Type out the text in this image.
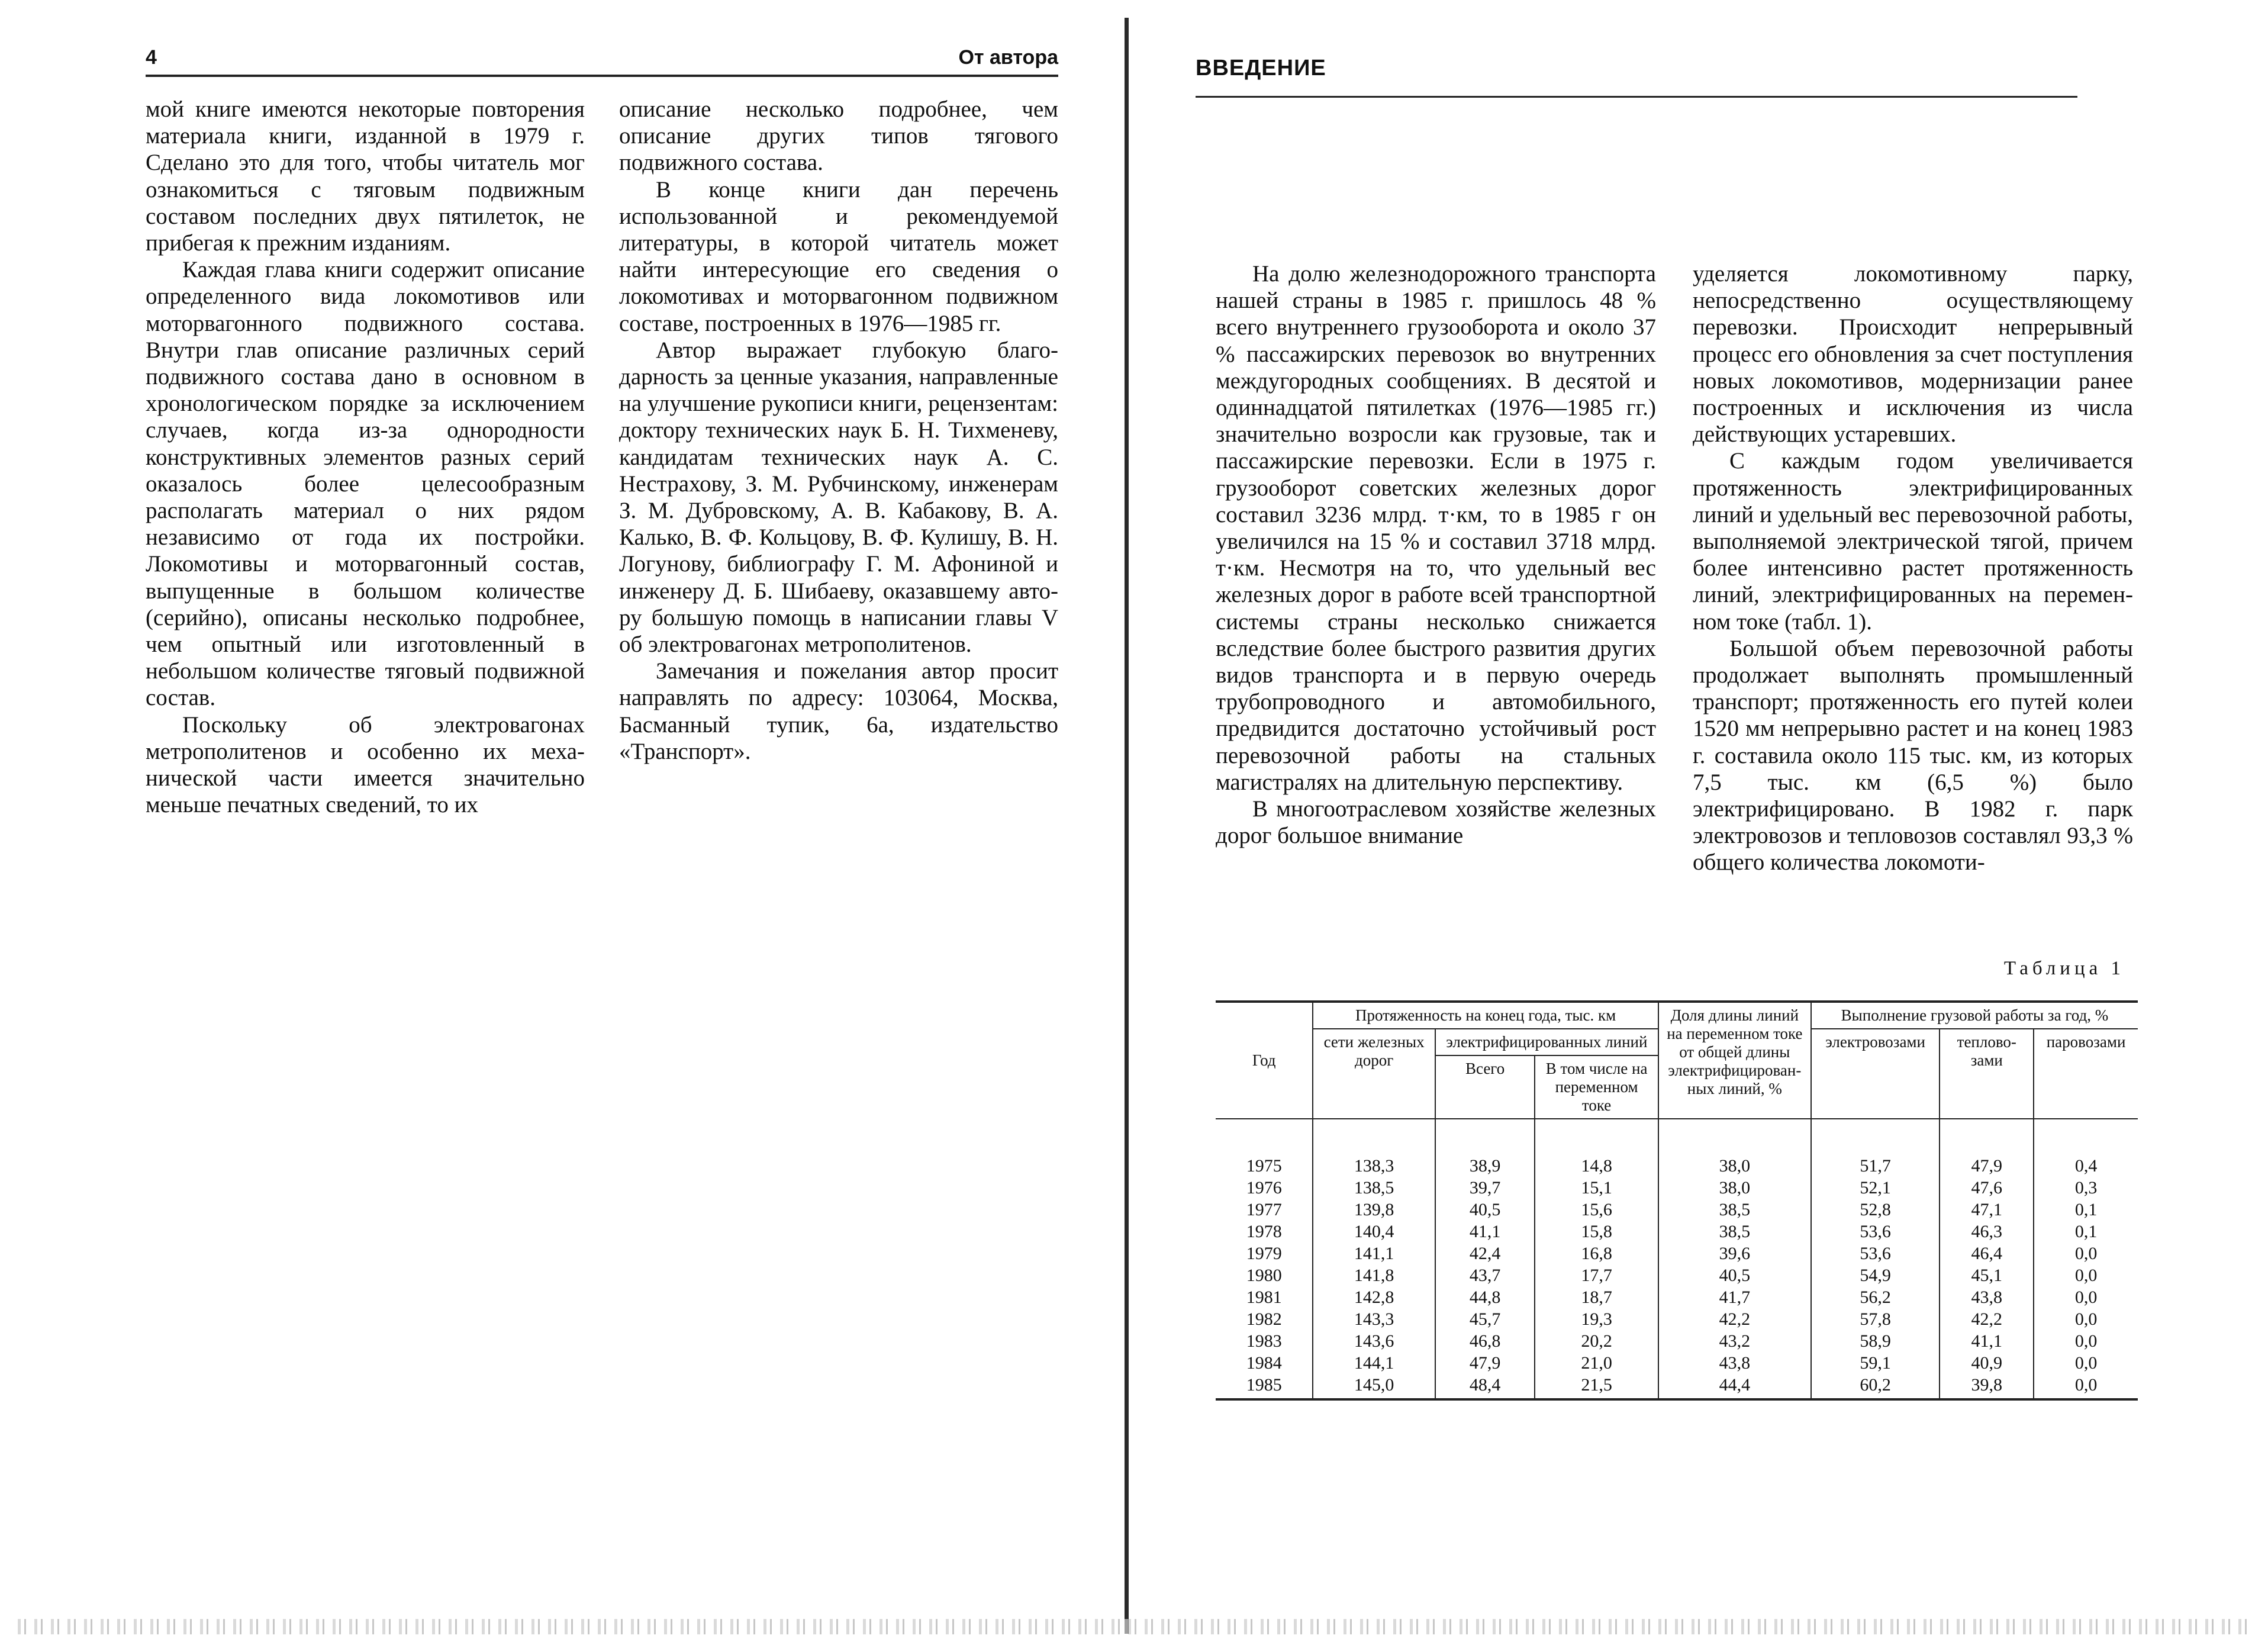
4	От автора

мой книге имеются некоторые повторения материала книги, изданной в 1979 г. Сделано это для того, чтобы читатель мог ознакомиться с тяговым подвижным составом последних двух пятилеток, не прибегая к прежним изданиям.

Каждая глава книги содержит описание определенного вида локомотивов или моторвагонного подвижного состава. Внутри глав описание различных серий подвижного состава дано в основном в хронологическом порядке за исключением случаев, когда из-за однородности конструктивных элементов разных серий оказалось более целесообразным располагать материал о них рядом независимо от года их постройки. Локомотивы и моторвагонный состав, выпущенные в большом количестве (серийно), описаны несколько подробнее, чем опытный или изготовленный в небольшом количестве тяговый подвижной состав.

Поскольку об электровагонах метрополитенов и особенно их механической части имеется значительно меньше печатных сведений, то их

описание несколько подробнее, чем описание других типов тягового подвижного состава.

В конце книги дан перечень использованной и рекомендуемой литературы, в которой читатель может найти интересующие его сведения о локомотивах и моторвагонном подвижном составе, построенных в 1976—1985 гг.

Автор выражает глубокую благодарность за ценные указания, направленные на улучшение рукописи книги, рецензентам: доктору технических наук Б. Н. Тихменеву, кандидатам технических наук А. С. Нестрахову, З. М. Рубчинскому, инженерам З. М. Дубровскому, А. В. Кабакову, В. А. Калько, В. Ф. Кольцову, В. Ф. Кулишу, В. Н. Логунову, библиографу Г. М. Афониной и инженеру Д. Б. Шибаеву, оказавшему автору большую помощь в написании главы V об электровагонах метрополитенов.

Замечания и пожелания автор просит направлять по адресу: 103064, Москва, Басманный тупик, 6а, издательство «Транспорт».

ВВЕДЕНИЕ

На долю железнодорожного транспорта нашей страны в 1985 г. пришлось 48 % всего внутреннего грузооборота и около 37 % пассажирских перевозок во внутренних междугородных сообщениях. В десятой и одиннадцатой пятилетках (1976—1985 гг.) значительно возросли как грузовые, так и пассажирские перевозки. Если в 1975 г. грузооборот советских железных дорог составил 3236 млрд. т·км, то в 1985 г он увеличился на 15 % и составил 3718 млрд. т·км. Несмотря на то, что удельный вес железных дорог в работе всей транспортной системы страны несколько снижается вследствие более быстрого развития других видов транспорта и в первую очередь трубопроводного и автомобильного, предвидится достаточно устойчивый рост перевозочной работы на стальных магистралях на длительную перспективу.

В многоотраслевом хозяйстве железных дорог большое внимание

уделяется локомотивному парку, непосредственно осуществляющему перевозки. Происходит непрерывный процесс его обновления за счет поступления новых локомотивов, модернизации ранее построенных и исключения из числа действующих устаревших.

С каждым годом увеличивается протяженность электрифицированных линий и удельный вес перевозочной работы, выполняемой электрической тягой, причем более интенсивно растет протяженность линий, электрифицированных на переменном токе (табл. 1).

Большой объем перевозочной работы продолжает выполнять промышленный транспорт; протяженность его путей колеи 1520 мм непрерывно растет и на конец 1983 г. составила около 115 тыс. км, из которых 7,5 тыс. км (6,5 %) было электрифицировано. В 1982 г. парк электровозов и тепловозов составлял 93,3 % общего количества локомоти-

Таблица 1
Год	Протяженность на конец года, тыс. км			Доля длины линий на переменном токе от общей длины электрифицированных линий, %	Выполнение грузовой работы за год, %		
	сети железных дорог	электрифицированных линий			электровозами	тепловозами	паровозами
		Всего	В том числе на переменном токе				
1975	138,3	38,9	14,8	38,0	51,7	47,9	0,4
1976	138,5	39,7	15,1	38,0	52,1	47,6	0,3
1977	139,8	40,5	15,6	38,5	52,8	47,1	0,1
1978	140,4	41,1	15,8	38,5	53,6	46,3	0,1
1979	141,1	42,4	16,8	39,6	53,6	46,4	0,0
1980	141,8	43,7	17,7	40,5	54,9	45,1	0,0
1981	142,8	44,8	18,7	41,7	56,2	43,8	0,0
1982	143,3	45,7	19,3	42,2	57,8	42,2	0,0
1983	143,6	46,8	20,2	43,2	58,9	41,1	0,0
1984	144,1	47,9	21,0	43,8	59,1	40,9	0,0
1985	145,0	48,4	21,5	44,4	60,2	39,8	0,0
